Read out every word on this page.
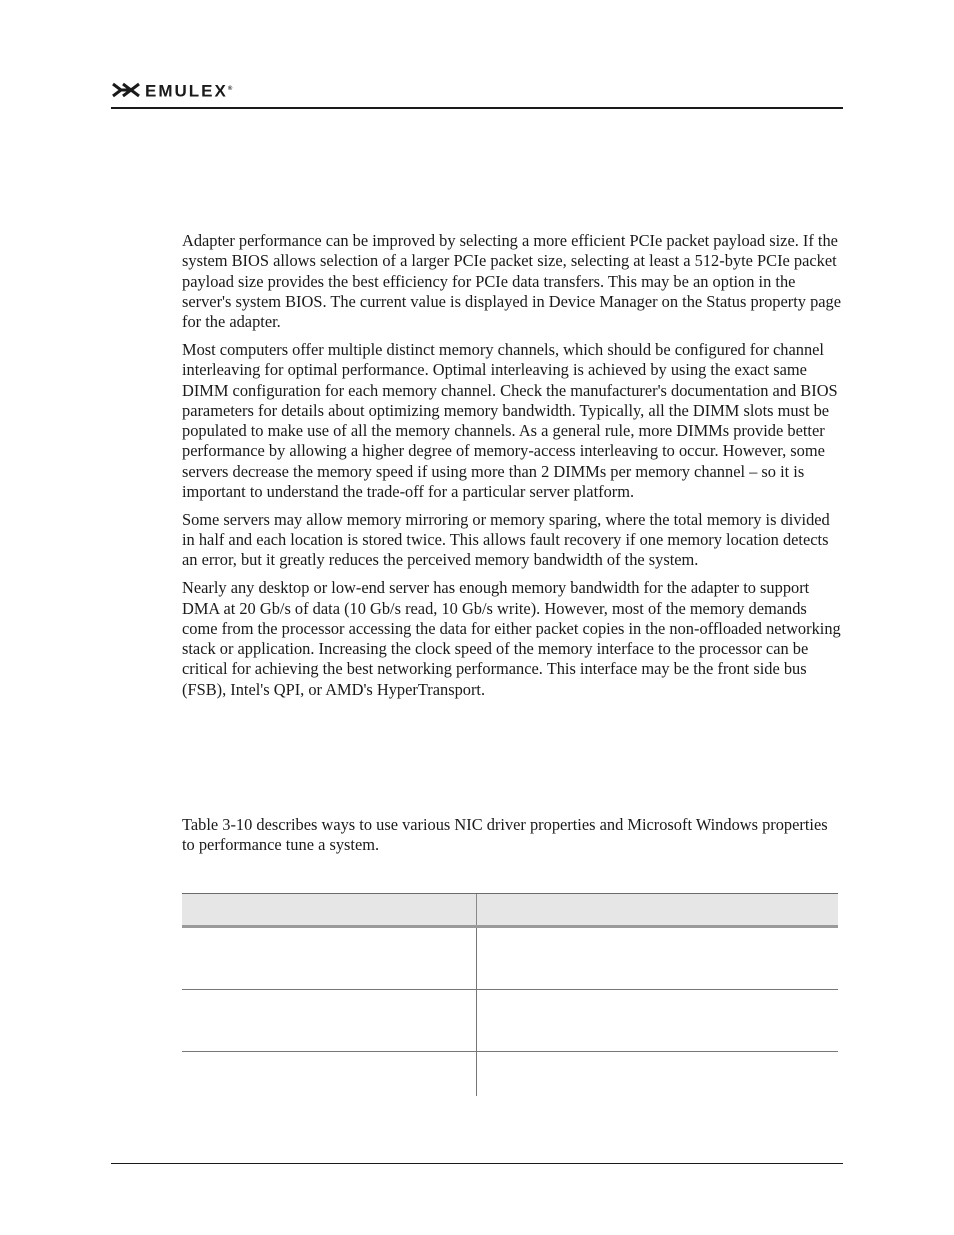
EMULEX®

Adapter performance can be improved by selecting a more efficient PCIe packet payload size. If the system BIOS allows selection of a larger PCIe packet size, selecting at least a 512-byte PCIe packet payload size provides the best efficiency for PCIe data transfers. This may be an option in the server's system BIOS. The current value is displayed in Device Manager on the Status property page for the adapter.

Most computers offer multiple distinct memory channels, which should be configured for channel interleaving for optimal performance. Optimal interleaving is achieved by using the exact same DIMM configuration for each memory channel. Check the manufacturer's documentation and BIOS parameters for details about optimizing memory bandwidth. Typically, all the DIMM slots must be populated to make use of all the memory channels. As a general rule, more DIMMs provide better performance by allowing a higher degree of memory-access interleaving to occur. However, some servers decrease the memory speed if using more than 2 DIMMs per memory channel – so it is important to understand the trade-off for a particular server platform.

Some servers may allow memory mirroring or memory sparing, where the total memory is divided in half and each location is stored twice. This allows fault recovery if one memory location detects an error, but it greatly reduces the perceived memory bandwidth of the system.

Nearly any desktop or low-end server has enough memory bandwidth for the adapter to support DMA at 20 Gb/s of data (10 Gb/s read, 10 Gb/s write). However, most of the memory demands come from the processor accessing the data for either packet copies in the non-offloaded networking stack or application. Increasing the clock speed of the memory interface to the processor can be critical for achieving the best networking performance. This interface may be the front side bus (FSB), Intel's QPI, or AMD's HyperTransport.

Table 3-10 describes ways to use various NIC driver properties and Microsoft Windows properties to performance tune a system.
